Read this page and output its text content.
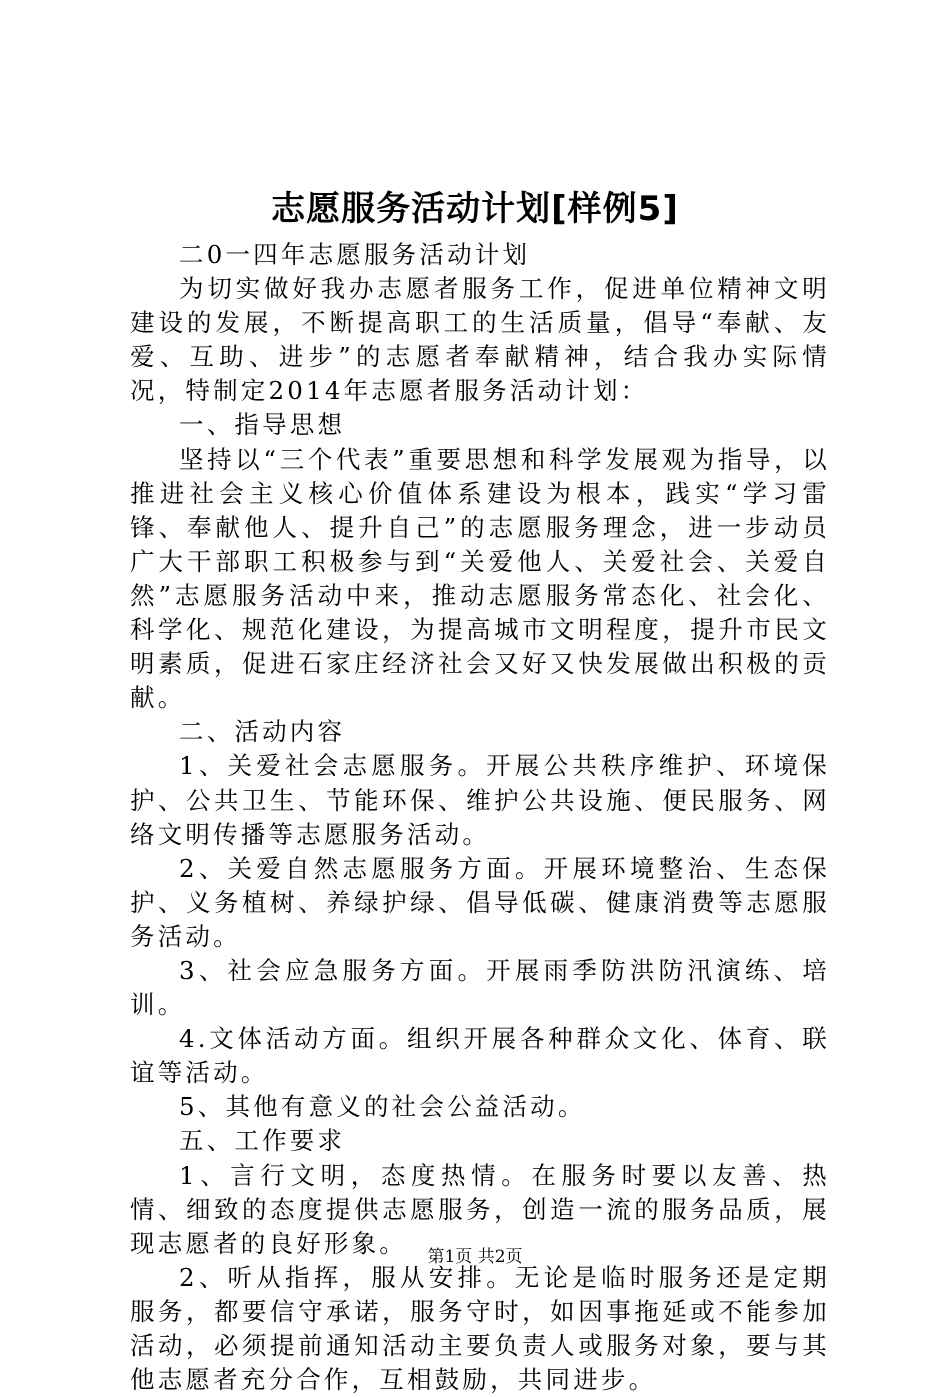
志愿服务活动计划[样例5]

二0一四年志愿服务活动计划

为切实做好我办志愿者服务工作，促进单位精神文明建设的发展，不断提高职工的生活质量，倡导“奉献、友爱、互助、进步”的志愿者奉献精神，结合我办实际情况，特制定2014年志愿者服务活动计划：

一、指导思想

坚持以“三个代表”重要思想和科学发展观为指导，以推进社会主义核心价值体系建设为根本，践实“学习雷锋、奉献他人、提升自己”的志愿服务理念，进一步动员广大干部职工积极参与到“关爱他人、关爱社会、关爱自然”志愿服务活动中来，推动志愿服务常态化、社会化、科学化、规范化建设，为提高城市文明程度，提升市民文明素质，促进石家庄经济社会又好又快发展做出积极的贡献。

二、活动内容

1、关爱社会志愿服务。开展公共秩序维护、环境保护、公共卫生、节能环保、维护公共设施、便民服务、网络文明传播等志愿服务活动。

2、关爱自然志愿服务方面。开展环境整治、生态保护、义务植树、养绿护绿、倡导低碳、健康消费等志愿服务活动。

3、社会应急服务方面。开展雨季防洪防汛演练、培训。

4.文体活动方面。组织开展各种群众文化、体育、联谊等活动。

5、其他有意义的社会公益活动。

五、工作要求

1、言行文明，态度热情。在服务时要以友善、热情、细致的态度提供志愿服务，创造一流的服务品质，展现志愿者的良好形象。

2、听从指挥，服从安排。无论是临时服务还是定期服务，都要信守承诺，服务守时，如因事拖延或不能参加活动，必须提前通知活动主要负责人或服务对象，要与其他志愿者充分合作，互相鼓励，共同进步。

第1页 共2页
